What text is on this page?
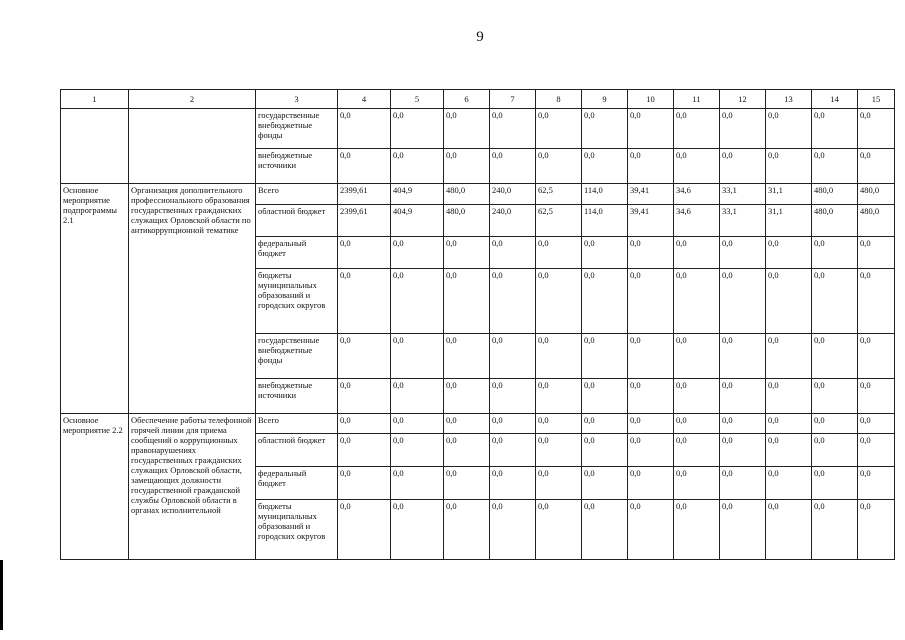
9
1	2	3	4	5	6	7	8	9	10	11	12	13	14	15
		государственные внебюджетные фонды	0,0	0,0	0,0	0,0	0,0	0,0	0,0	0,0	0,0	0,0	0,0	0,0
		внебюджетные источники	0,0	0,0	0,0	0,0	0,0	0,0	0,0	0,0	0,0	0,0	0,0	0,0
Основное мероприятие подпрограммы 2.1	Организация дополнительного профессионального образования государственных гражданских служащих Орловской области по антикоррупционной тематике	Всего	2399,61	404,9	480,0	240,0	62,5	114,0	39,41	34,6	33,1	31,1	480,0	480,0
		областной бюджет	2399,61	404,9	480,0	240,0	62,5	114,0	39,41	34,6	33,1	31,1	480,0	480,0
		федеральный бюджет	0,0	0,0	0,0	0,0	0,0	0,0	0,0	0,0	0,0	0,0	0,0	0,0
		бюджеты муниципальных образований и городских округов	0,0	0,0	0,0	0,0	0,0	0,0	0,0	0,0	0,0	0,0	0,0	0,0
		государственные внебюджетные фонды	0,0	0,0	0,0	0,0	0,0	0,0	0,0	0,0	0,0	0,0	0,0	0,0
		внебюджетные источники	0,0	0,0	0,0	0,0	0,0	0,0	0,0	0,0	0,0	0,0	0,0	0,0
Основное мероприятие 2.2	Обеспечение работы телефонной горячей линии для приема сообщений о коррупционных правонарушениях государственных гражданских служащих Орловской области, замещающих должности государственной гражданской службы Орловской области в органах исполнительной	Всего	0,0	0,0	0,0	0,0	0,0	0,0	0,0	0,0	0,0	0,0	0,0	0,0
		областной бюджет	0,0	0,0	0,0	0,0	0,0	0,0	0,0	0,0	0,0	0,0	0,0	0,0
		федеральный бюджет	0,0	0,0	0,0	0,0	0,0	0,0	0,0	0,0	0,0	0,0	0,0	0,0
		бюджеты муниципальных образований и городских округов	0,0	0,0	0,0	0,0	0,0	0,0	0,0	0,0	0,0	0,0	0,0	0,0
